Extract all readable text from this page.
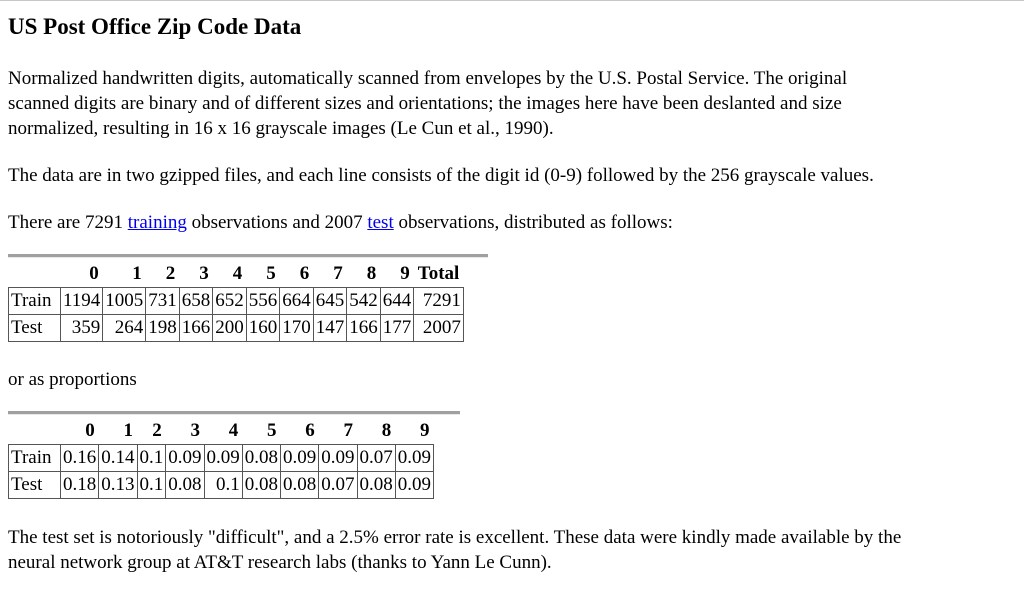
US Post Office Zip Code Data

Normalized handwritten digits, automatically scanned from envelopes by the U.S. Postal Service. The original
scanned digits are binary and of different sizes and orientations; the images here have been deslanted and size
normalized, resulting in 16 x 16 grayscale images (Le Cun et al., 1990).

The data are in two gzipped files, and each line consists of the digit id (0-9) followed by the 256 grayscale values.

There are 7291 training observations and 2007 test observations, distributed as follows:

	0	1	2	3	4	5	6	7	8	9	Total
Train	1194	1005	731	658	652	556	664	645	542	644	7291
Test	359	264	198	166	200	160	170	147	166	177	2007

or as proportions

	0	1	2	3	4	5	6	7	8	9
Train	0.16	0.14	0.1	0.09	0.09	0.08	0.09	0.09	0.07	0.09
Test	0.18	0.13	0.1	0.08	0.1	0.08	0.08	0.07	0.08	0.09

The test set is notoriously "difficult", and a 2.5% error rate is excellent. These data were kindly made available by the
neural network group at AT&T research labs (thanks to Yann Le Cunn).
